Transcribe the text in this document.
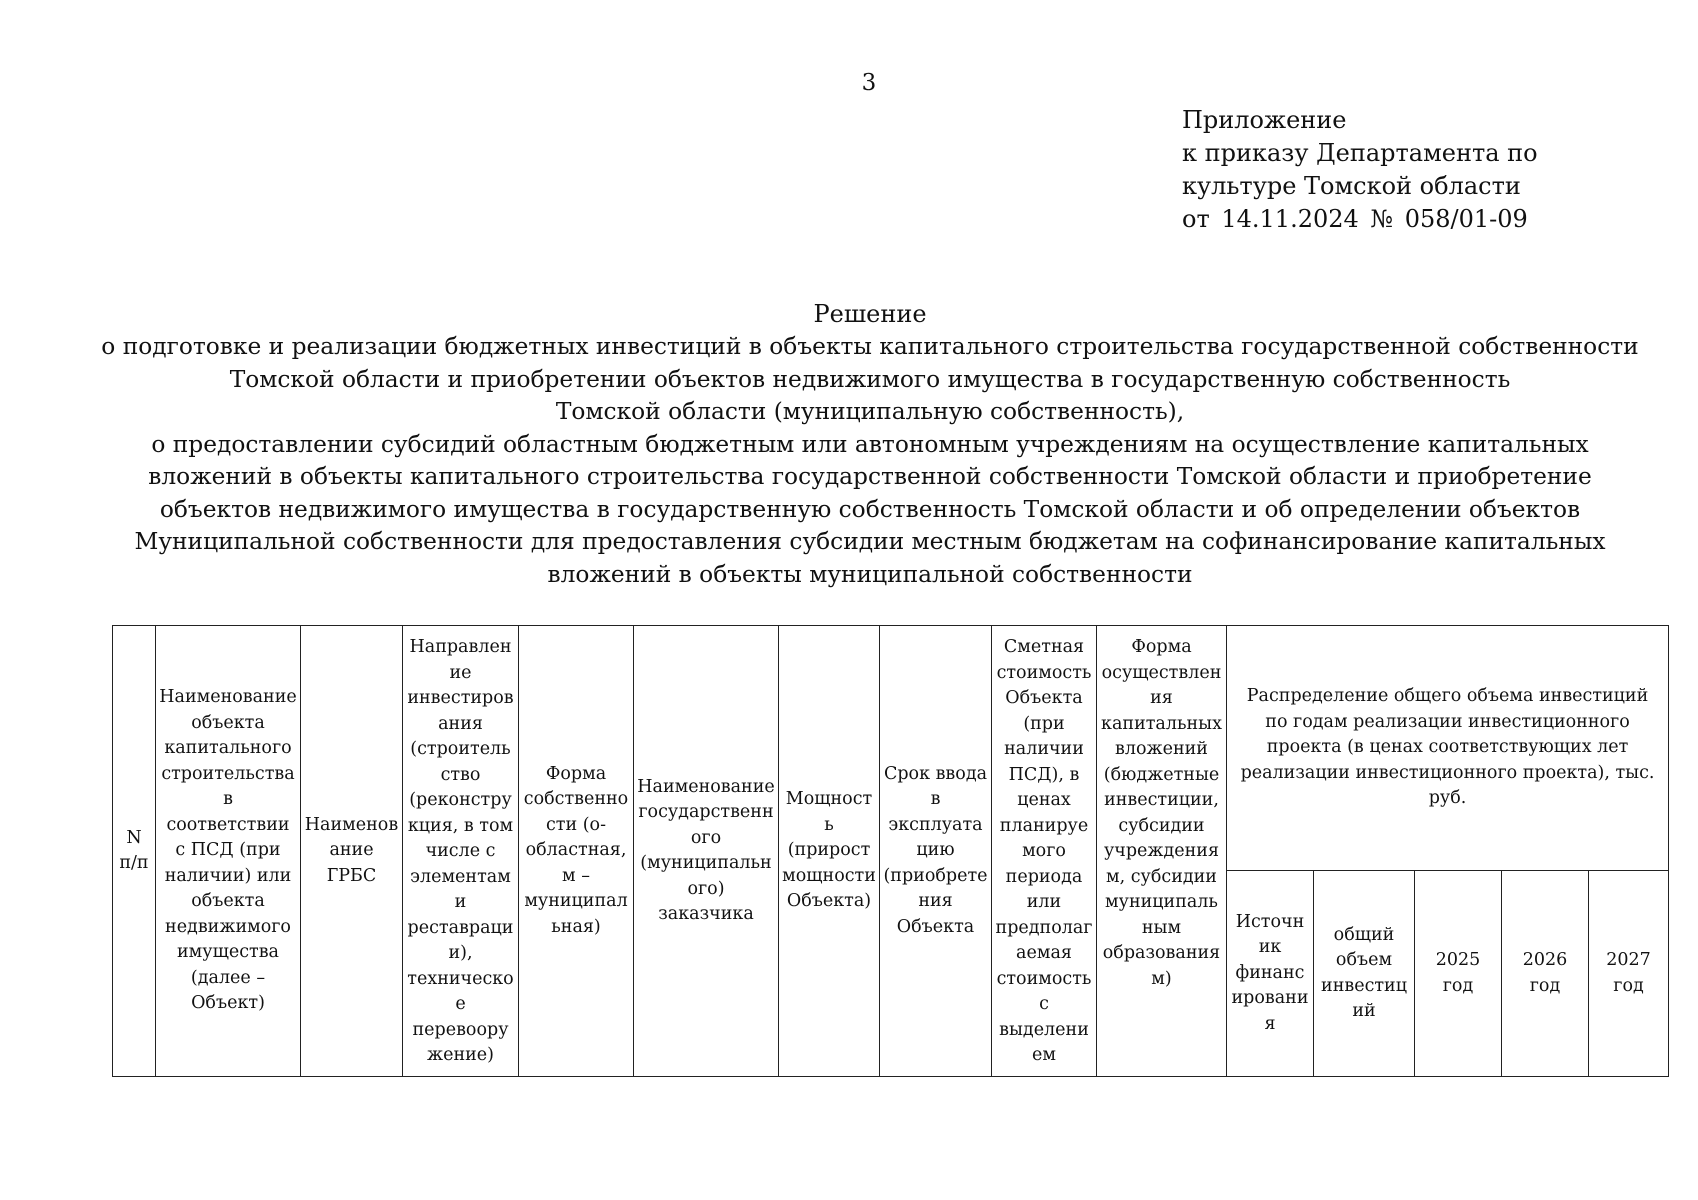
3
Приложение
к приказу Департамента по
культуре Томской области
от 14.11.2024 № 058/01-09
Решение
о подготовке и реализации бюджетных инвестиций в объекты капитального строительства государственной собственности
Томской области и приобретении объектов недвижимого имущества в государственную собственность
Томской области (муниципальную собственность),
о предоставлении субсидий областным бюджетным или автономным учреждениям на осуществление капитальных
вложений в объекты капитального строительства государственной собственности Томской области и приобретение
объектов недвижимого имущества в государственную собственность Томской области и об определении объектов
Муниципальной собственности для предоставления субсидии местным бюджетам на софинансирование капитальных
вложений в объекты муниципальной собственности
N п/п	Наименование объекта капитального строительства в соответствии с ПСД (при наличии) или объекта недвижимого имущества (далее – Объект)	Наименование ГРБС	Направление инвестирования (строительство (реконструкция, в том числе с элементами реставрации), техническое перевооружение)	Форма собственности (о-областная, м – муниципальная)	Наименование государственного (муниципального) заказчика	Мощность (прирост мощности Объекта)	Срок ввода в эксплуатацию (приобретения Объекта	Сметная стоимость Объекта (при наличии ПСД), в ценах планируемого периода или предполагаемая стоимость с выделением	Форма осуществления капитальных вложений (бюджетные инвестиции, субсидии учреждениям, субсидии муниципальным образованиям)	Распределение общего объема инвестиций по годам реализации инвестиционного проекта (в ценах соответствующих лет реализации инвестиционного проекта), тыс. руб.				

										Источник финансирования	общий объем инвестиций	2025 год	2026 год	2027 год
